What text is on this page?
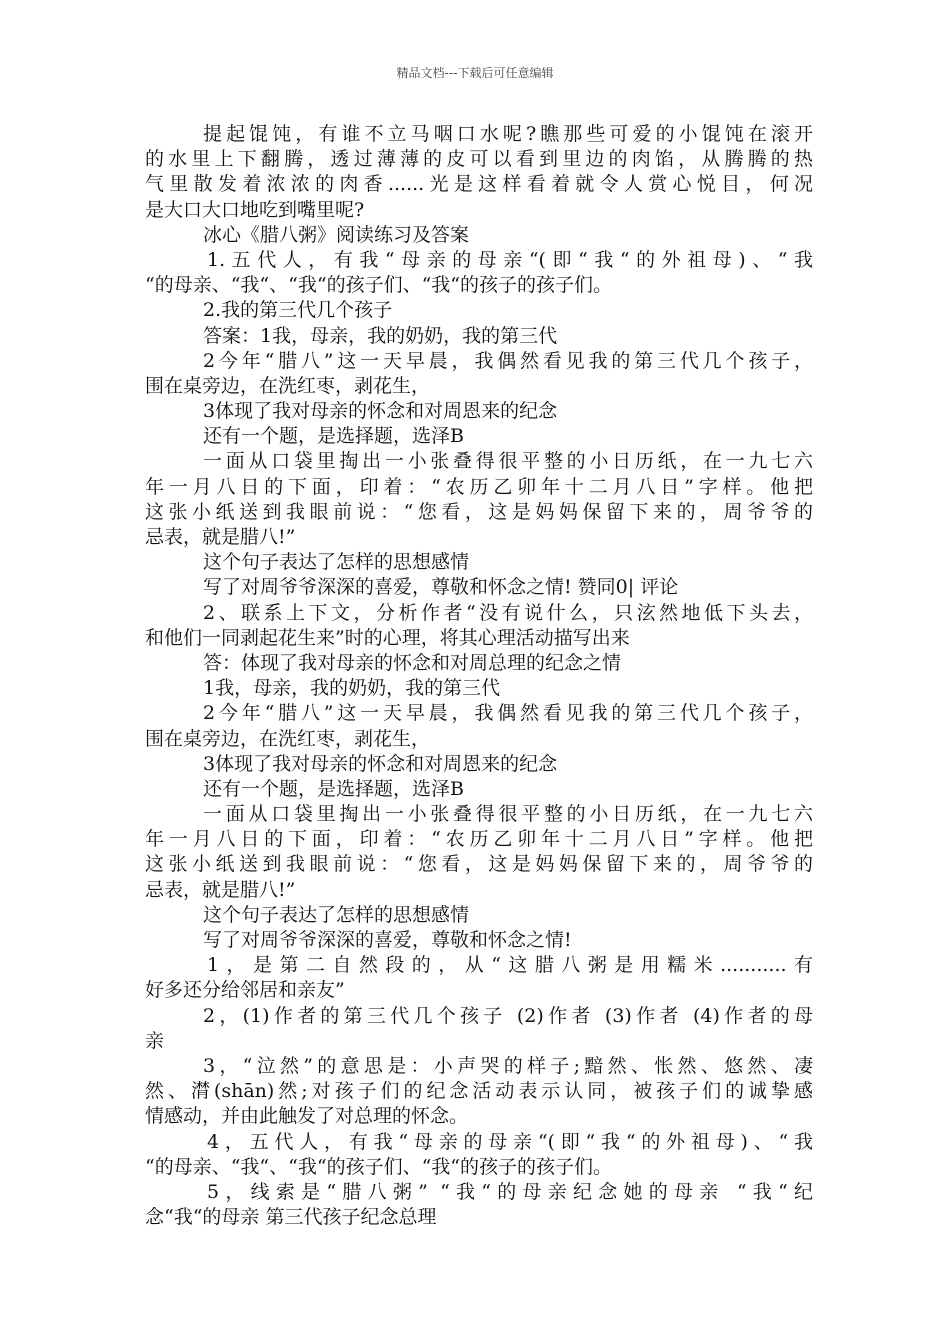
精品文档---下载后可任意编辑
提起馄饨，有谁不立马咽口水呢?瞧那些可爱的小馄饨在滚开
的水里上下翻腾，透过薄薄的皮可以看到里边的肉馅，从腾腾的热
气里散发着浓浓的肉香......光是这样看着就令人赏心悦目，何况
是大口大口地吃到嘴里呢?
冰心《腊八粥》阅读练习及答案
1.五代人，有我“母亲的母亲“(即“我“的外祖母)、“我
“的母亲、“我“、“我“的孩子们、“我“的孩子的孩子们。
2.我的第三代几个孩子
答案：1我，母亲，我的奶奶，我的第三代
2今年“腊八”这一天早晨，我偶然看见我的第三代几个孩子，
围在桌旁边，在洗红枣，剥花生，
3体现了我对母亲的怀念和对周恩来的纪念
还有一个题，是选择题，选泽B
一面从口袋里掏出一小张叠得很平整的小日历纸，在一九七六
年一月八日的下面，印着：“农历乙卯年十二月八日”字样。他把
这张小纸送到我眼前说：“您看，这是妈妈保留下来的，周爷爷的
忌表，就是腊八!”
这个句子表达了怎样的思想感情
写了对周爷爷深深的喜爱，尊敬和怀念之情! 赞同0| 评论
2、联系上下文，分析作者“没有说什么，只泫然地低下头去，
和他们一同剥起花生来”时的心理，将其心理活动描写出来
答：体现了我对母亲的怀念和对周总理的纪念之情
1我，母亲，我的奶奶，我的第三代
2今年“腊八”这一天早晨，我偶然看见我的第三代几个孩子，
围在桌旁边，在洗红枣，剥花生，
3体现了我对母亲的怀念和对周恩来的纪念
还有一个题，是选择题，选泽B
一面从口袋里掏出一小张叠得很平整的小日历纸，在一九七六
年一月八日的下面，印着：“农历乙卯年十二月八日”字样。他把
这张小纸送到我眼前说：“您看，这是妈妈保留下来的，周爷爷的
忌表，就是腊八!”
这个句子表达了怎样的思想感情
写了对周爷爷深深的喜爱，尊敬和怀念之情!
1，是第二自然段的，从“这腊八粥是用糯米...........有
好多还分给邻居和亲友”
2，(1)作者的第三代几个孩子 (2)作者 (3)作者 (4)作者的母
亲
3，“泣然”的意思是：小声哭的样子;黯然、怅然、悠然、凄
然、潸(shān)然;对孩子们的纪念活动表示认同，被孩子们的诚挚感
情感动，并由此触发了对总理的怀念。
4，五代人，有我“母亲的母亲“(即“我“的外祖母)、“我
“的母亲、“我“、“我“的孩子们、“我“的孩子的孩子们。
5，线索是“腊八粥” “我“的母亲纪念她的母亲 “我“纪
念“我“的母亲 第三代孩子纪念总理
